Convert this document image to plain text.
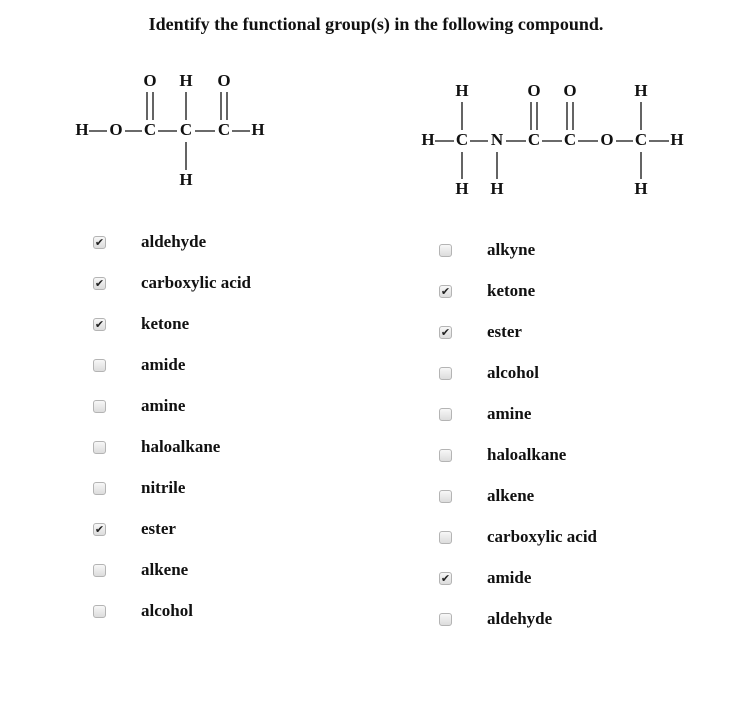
Identify the functional group(s) in the following compound.
H O C C C H
O H O
H
H C N C C O C H
H	O O	H
H H	H
✔ aldehyde
✔ carboxylic acid
✔ ketone
amide
amine
haloalkane
nitrile
✔ ester
alkene
alcohol
alkyne
✔ ketone
✔ ester
alcohol
amine
haloalkane
alkene
carboxylic acid
✔ amide
aldehyde
